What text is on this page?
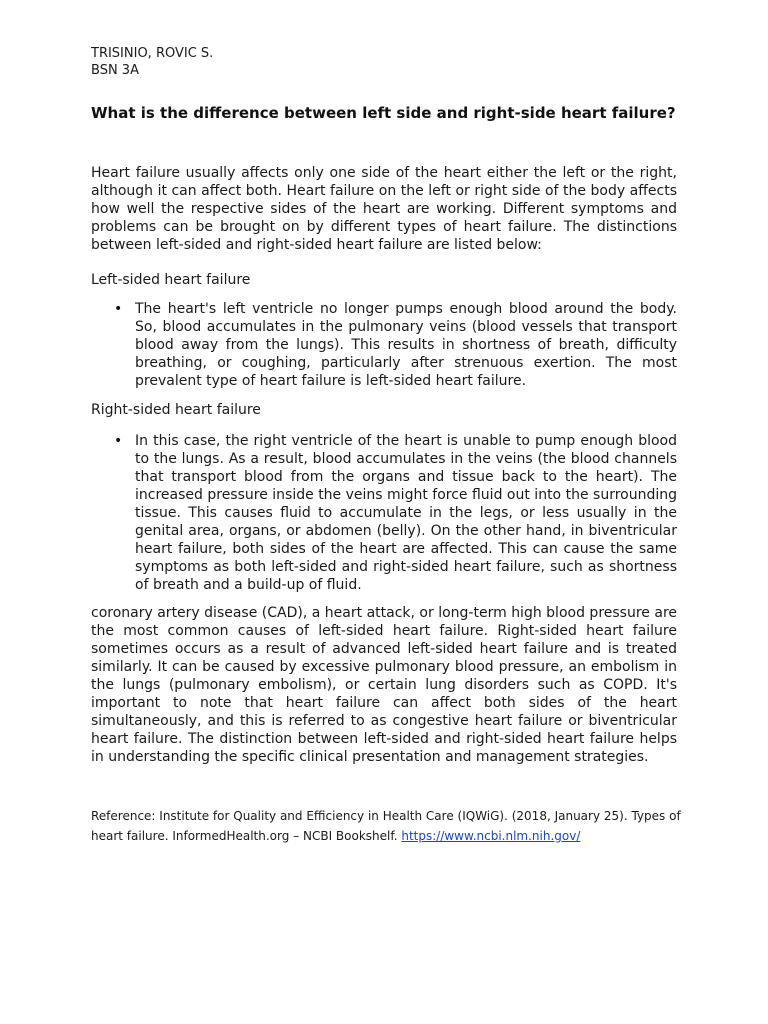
TRISINIO, ROVIC S.
BSN 3A
What is the difference between left side and right-side heart failure?
Heart failure usually affects only one side of the heart either the left or the right, although it can affect both. Heart failure on the left or right side of the body affects how well the respective sides of the heart are working. Different symptoms and problems can be brought on by different types of heart failure. The distinctions between left-sided and right-sided heart failure are listed below:
Left-sided heart failure
• The heart's left ventricle no longer pumps enough blood around the body. So, blood accumulates in the pulmonary veins (blood vessels that transport blood away from the lungs). This results in shortness of breath, difficulty breathing, or coughing, particularly after strenuous exertion. The most prevalent type of heart failure is left-sided heart failure.
Right-sided heart failure
• In this case, the right ventricle of the heart is unable to pump enough blood to the lungs. As a result, blood accumulates in the veins (the blood channels that transport blood from the organs and tissue back to the heart). The increased pressure inside the veins might force fluid out into the surrounding tissue. This causes fluid to accumulate in the legs, or less usually in the genital area, organs, or abdomen (belly). On the other hand, in biventricular heart failure, both sides of the heart are affected. This can cause the same symptoms as both left-sided and right-sided heart failure, such as shortness of breath and a build-up of fluid.
coronary artery disease (CAD), a heart attack, or long-term high blood pressure are the most common causes of left-sided heart failure. Right-sided heart failure sometimes occurs as a result of advanced left-sided heart failure and is treated similarly. It can be caused by excessive pulmonary blood pressure, an embolism in the lungs (pulmonary embolism), or certain lung disorders such as COPD. It's important to note that heart failure can affect both sides of the heart simultaneously, and this is referred to as congestive heart failure or biventricular heart failure. The distinction between left-sided and right-sided heart failure helps in understanding the specific clinical presentation and management strategies.
Reference: Institute for Quality and Efficiency in Health Care (IQWiG). (2018, January 25). Types of heart failure. InformedHealth.org – NCBI Bookshelf. https://www.ncbi.nlm.nih.gov/
